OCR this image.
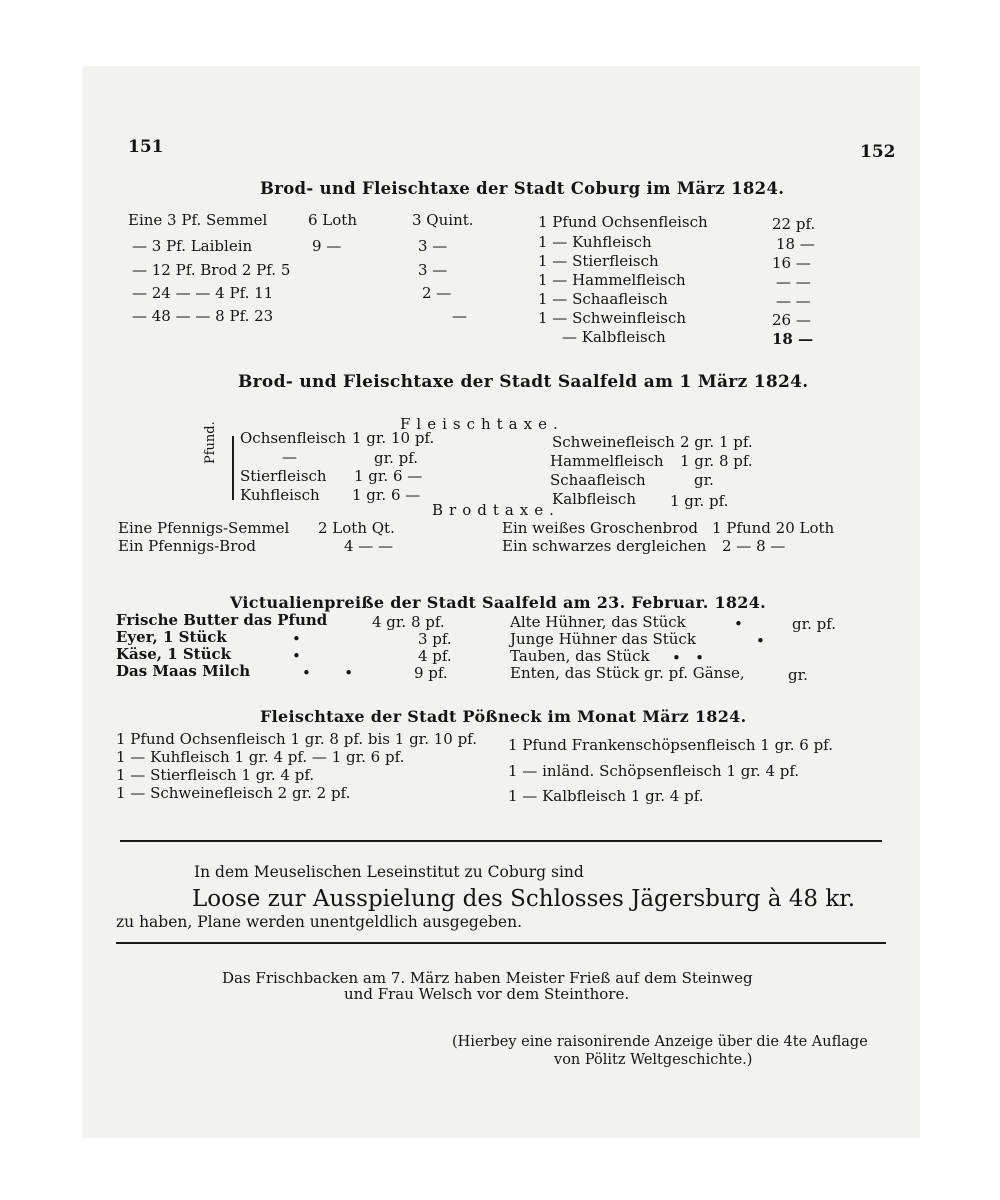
151	152
Brod- und Fleischtaxe der Stadt Coburg im März 1824.
Eine 3 Pf. Semmel	6 Loth	3 Quint.
— 3 Pf. Laiblein	9 —	3 —
— 12 Pf. Brod 2 Pf. 5	3 —
— 24 — — 4 Pf. 11	2 —
— 48 — — 8 Pf. 23	—
1 Pfund Ochsenfleisch	22 pf.
1 — Kuhfleisch	18 —
1 — Stierfleisch	16 —
1 — Hammelfleisch	— —
1 — Schaafleisch	— —
1 — Schweinfleisch	26 —
— Kalbfleisch	18 —
Brod- und Fleischtaxe der Stadt Saalfeld am 1 März 1824.
Fleischtaxe.
Pfund. Ochsenfleisch 1 gr. 10 pf.
—	gr. pf.
Stierfleisch 1 gr. 6 —
Kuhfleisch 1 gr. 6 —
Schweinefleisch 2 gr. 1 pf.
Hammelfleisch 1 gr. 8 pf.
Schaafleisch	gr.
Kalbfleisch 1 gr. pf.
Brodtaxe.
Eine Pfennigs-Semmel 2 Loth Qt.
Ein Pfennigs-Brod	4 — —
Ein weißes Groschenbrod 1 Pfund 20 Loth
Ein schwarzes dergleichen 2 — 8 —
Victualienpreiße der Stadt Saalfeld am 23. Februar. 1824.
Frische Butter das Pfund	4 gr. 8 pf.
Eyer, 1 Stück	•	3 pf.
Käse, 1 Stück	•	4 pf.
Das Maas Milch	•       •	9 pf.
Alte Hühner, das Stück	•	gr. pf.
Junge Hühner das Stück	•
Tauben, das Stück •   •
Enten, das Stück gr. pf. Gänse,	gr.
Fleischtaxe der Stadt Pößneck im Monat März 1824.
1 Pfund Ochsenfleisch 1 gr. 8 pf. bis 1 gr. 10 pf.
1 — Kuhfleisch 1 gr. 4 pf. — 1 gr. 6 pf.
1 — Stierfleisch 1 gr. 4 pf.
1 — Schweinefleisch 2 gr. 2 pf.
1 Pfund Frankenschöpsenfleisch 1 gr. 6 pf.
1 — inländ. Schöpsenfleisch 1 gr. 4 pf.
1 — Kalbfleisch 1 gr. 4 pf.
In dem Meuselischen Leseinstitut zu Coburg sind
Loose zur Ausspielung des Schlosses Jägersburg à 48 kr.
zu haben, Plane werden unentgeldlich ausgegeben.
Das Frischbacken am 7. März haben Meister Frieß auf dem Steinweg
und Frau Welsch vor dem Steinthore.
(Hierbey eine raisonirende Anzeige über die 4te Auflage
von Pölitz Weltgeschichte.)
